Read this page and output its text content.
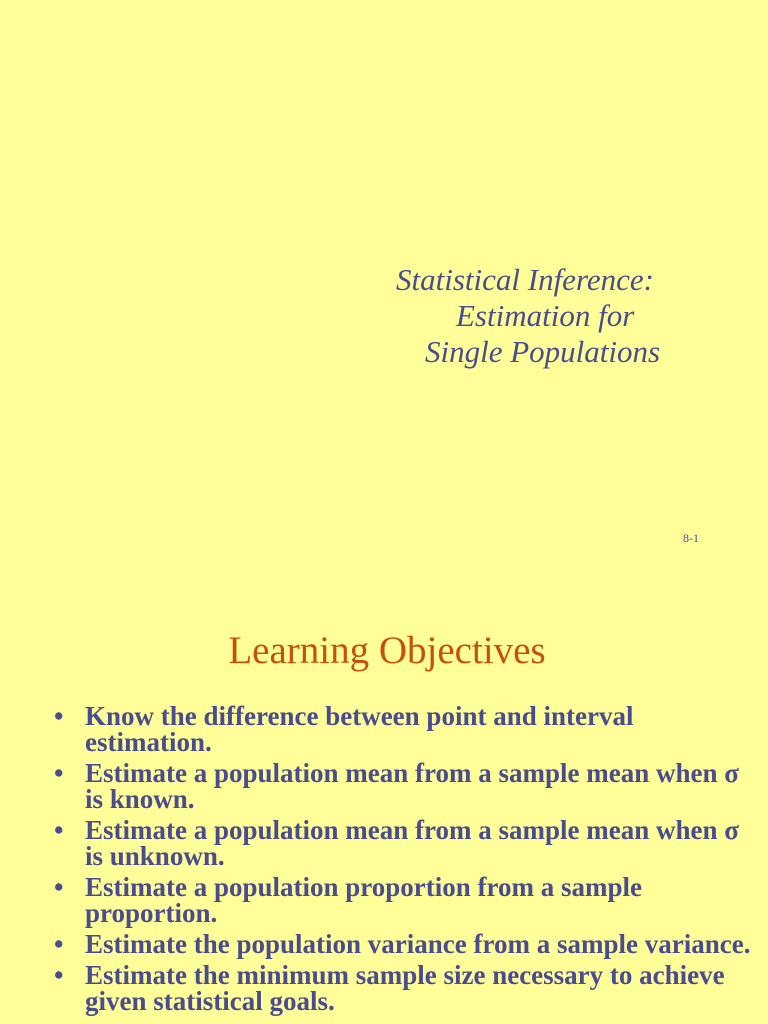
Statistical Inference:
Estimation for
Single Populations
8-1
Learning Objectives
• Know the difference between point and interval estimation.
• Estimate a population mean from a sample mean when σ is known.
• Estimate a population mean from a sample mean when σ is unknown.
• Estimate a population proportion from a sample proportion.
• Estimate the population variance from a sample variance.
• Estimate the minimum sample size necessary to achieve given statistical goals.
